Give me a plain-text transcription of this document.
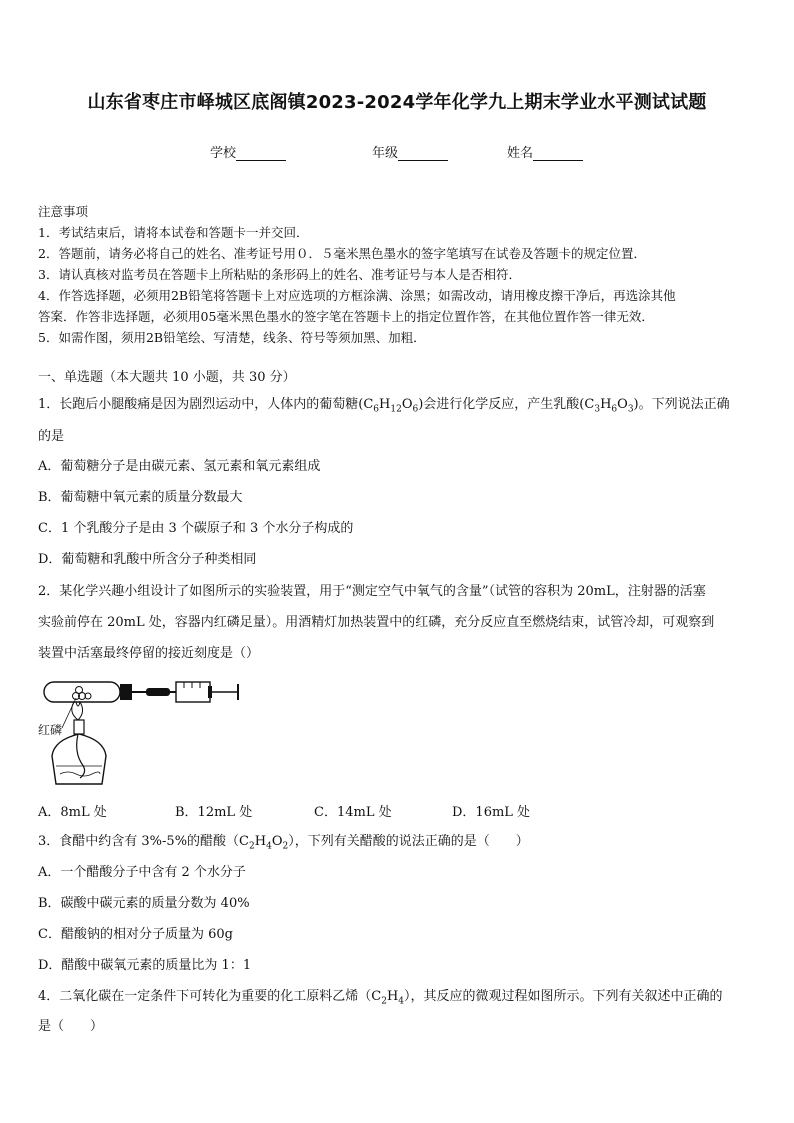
山东省枣庄市峄城区底阁镇2023-2024学年化学九上期末学业水平测试试题
学校	年级	姓名
注意事项
1．考试结束后，请将本试卷和答题卡一并交回．
2．答题前，请务必将自己的姓名、准考证号用０．５毫米黑色墨水的签字笔填写在试卷及答题卡的规定位置．
3．请认真核对监考员在答题卡上所粘贴的条形码上的姓名、准考证号与本人是否相符．
4．作答选择题，必须用2B铅笔将答题卡上对应选项的方框涂满、涂黑；如需改动，请用橡皮擦干净后，再选涂其他
答案．作答非选择题，必须用05毫米黑色墨水的签字笔在答题卡上的指定位置作答，在其他位置作答一律无效．
5．如需作图，须用2B铅笔绘、写清楚，线条、符号等须加黑、加粗．
一、单选题（本大题共 10 小题，共 30 分）
1．长跑后小腿酸痛是因为剧烈运动中，人体内的葡萄糖$(C_6H_{12}O_6)$会进行化学反应，产生乳酸$(C_3H_6O_3)$。下列说法正确
的是
A．葡萄糖分子是由碳元素、氢元素和氧元素组成
B．葡萄糖中氧元素的质量分数最大
C．1 个乳酸分子是由 3 个碳原子和 3 个水分子构成的
D．葡萄糖和乳酸中所含分子种类相同
2．某化学兴趣小组设计了如图所示的实验装置，用于“测定空气中氧气的含量”（试管的容积为 20mL，注射器的活塞
实验前停在 20mL 处，容器内红磷足量）。用酒精灯加热装置中的红磷，充分反应直至燃烧结束，试管冷却，可观察到
装置中活塞最终停留的接近刻度是（）
红磷
A．8mL 处	B．12mL 处	C．14mL 处	D．16mL 处
3．食醋中约含有 3%-5%的醋酸$(C_2H_4O_2)$，下列有关醋酸的说法正确的是（　　）
A．一个醋酸分子中含有 2 个水分子
B．碳酸中碳元素的质量分数为 40%
C．醋酸钠的相对分子质量为 60g
D．醋酸中碳氧元素的质量比为 1：1
4．二氧化碳在一定条件下可转化为重要的化工原料乙烯$(C_2H_4)$，其反应的微观过程如图所示。下列有关叙述中正确的
是（　　）
